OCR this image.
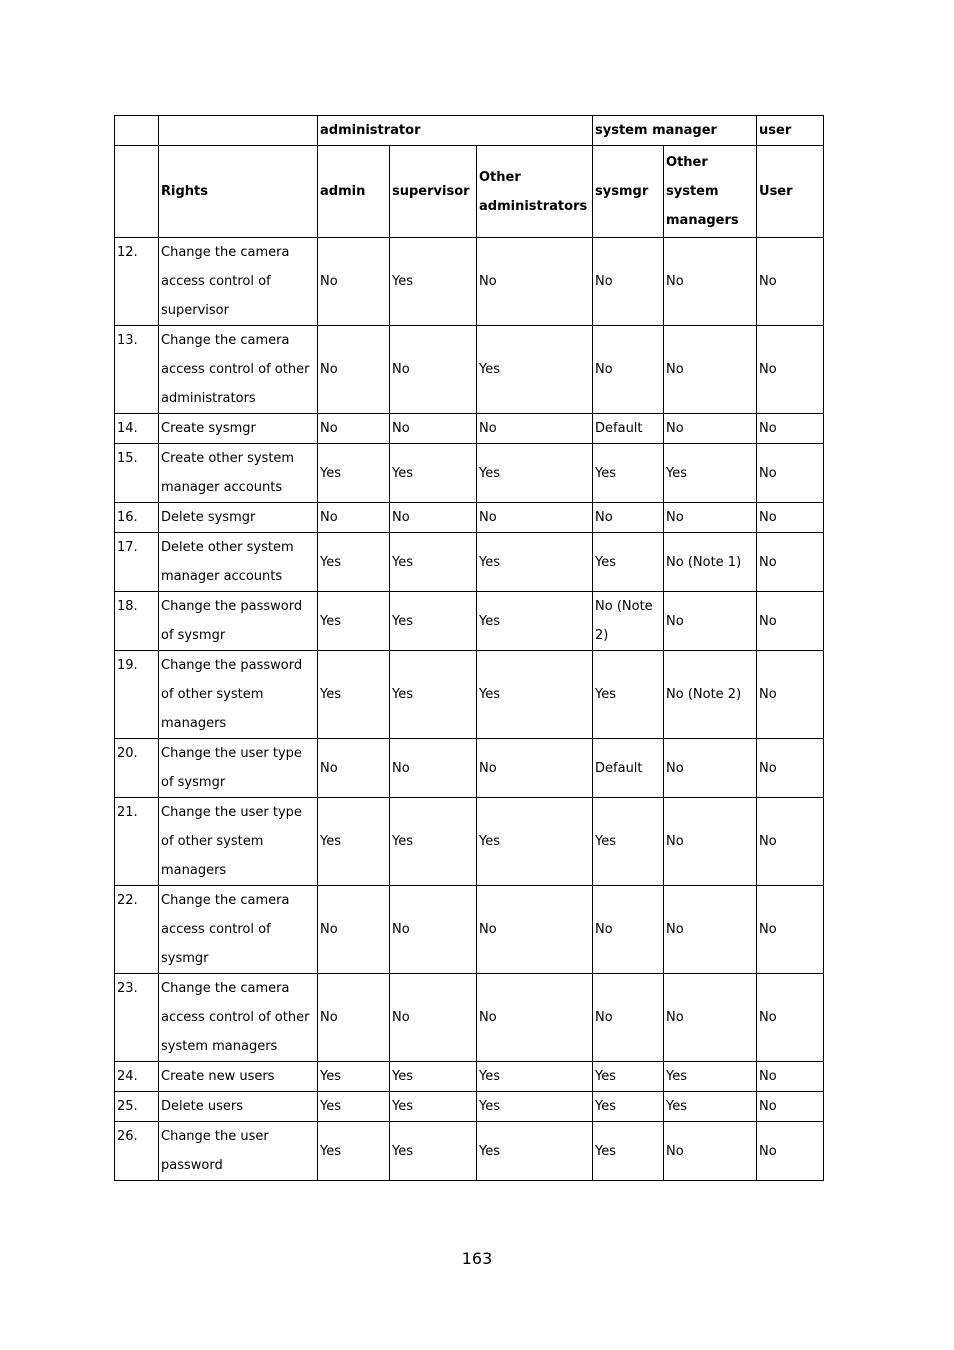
		administrator			system manager		user
	Rights	admin	supervisor	Other administrators	sysmgr	Other system managers	User
12.	Change the camera access control of supervisor	No	Yes	No	No	No	No
13.	Change the camera access control of other administrators	No	No	Yes	No	No	No
14.	Create sysmgr	No	No	No	Default	No	No
15.	Create other system manager accounts	Yes	Yes	Yes	Yes	Yes	No
16.	Delete sysmgr	No	No	No	No	No	No
17.	Delete other system manager accounts	Yes	Yes	Yes	Yes	No (Note 1)	No
18.	Change the password of sysmgr	Yes	Yes	Yes	No (Note 2)	No	No
19.	Change the password of other system managers	Yes	Yes	Yes	Yes	No (Note 2)	No
20.	Change the user type of sysmgr	No	No	No	Default	No	No
21.	Change the user type of other system managers	Yes	Yes	Yes	Yes	No	No
22.	Change the camera access control of sysmgr	No	No	No	No	No	No
23.	Change the camera access control of other system managers	No	No	No	No	No	No
24.	Create new users	Yes	Yes	Yes	Yes	Yes	No
25.	Delete users	Yes	Yes	Yes	Yes	Yes	No
26.	Change the user password	Yes	Yes	Yes	Yes	No	No
163
